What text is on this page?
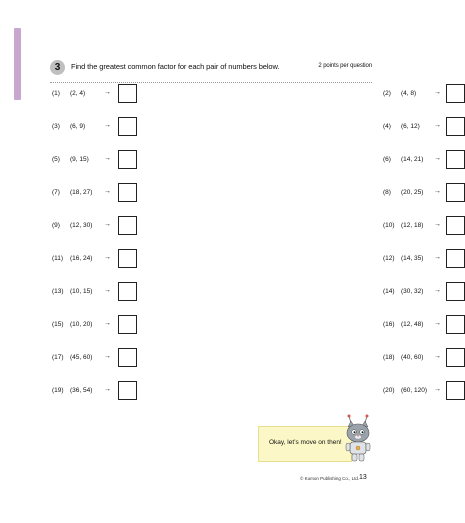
3	Find the greatest common factor for each pair of numbers below.	2 points per question
(1) (2, 4)	→	(2) (4, 8)	→
(3) (6, 9)	→	(4) (6, 12) →
(5) (9, 15) →	(6) (14, 21) →
(7) (18, 27) →	(8) (20, 25) →
(9) (12, 30) →	(10) (12, 18) →
(11) (16, 24) →	(12) (14, 35) →
(13) (10, 15) →	(14) (30, 32) →
(15) (10, 20) →	(16) (12, 48) →
(17) (45, 60) →	(18) (40, 60) →
(19) (36, 54) →	(20) (60, 120) →
Okay, let’s move on then!
© Kumon Publishing Co., Ltd. 13
